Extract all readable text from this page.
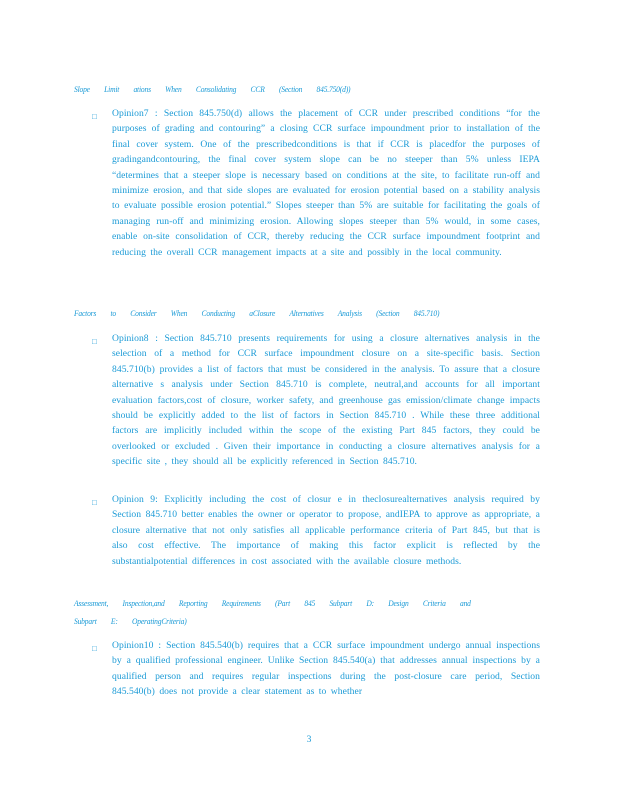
Slope Limit ations When Consolidating CCR (Section 845.750(d))
□ Opinion7 : Section 845.750(d) allows the placement of CCR under prescribed conditions “for the purposes of grading and contouring” a closing CCR surface impoundment prior to installation of the final cover system. One of the prescribedconditions is that if CCR is placedfor the purposes of gradingandcontouring, the final cover system slope can be no steeper than 5% unless IEPA “determines that a steeper slope is necessary based on conditions at the site, to facilitate run-off and minimize erosion, and that side slopes are evaluated for erosion potential based on a stability analysis to evaluate possible erosion potential.” Slopes steeper than 5% are suitable for facilitating the goals of managing run-off and minimizing erosion. Allowing slopes steeper than 5% would, in some cases, enable on-site consolidation of CCR, thereby reducing the CCR surface impoundment footprint and reducing the overall CCR management impacts at a site and possibly in the local community.

Factors to Consider When Conducting aClosure Alternatives Analysis (Section 845.710)
□ Opinion8 : Section 845.710 presents requirements for using a closure alternatives analysis in the selection of a method for CCR surface impoundment closure on a site-specific basis. Section 845.710(b) provides a list of factors that must be considered in the analysis. To assure that a closure alternative s analysis under Section 845.710 is complete, neutral,and accounts for all important evaluation factors,cost of closure, worker safety, and greenhouse gas emission/climate change impacts should be explicitly added to the list of factors in Section 845.710 . While these three additional factors are implicitly included within the scope of the existing Part 845 factors, they could be overlooked or excluded . Given their importance in conducting a closure alternatives analysis for a specific site , they should all be explicitly referenced in Section 845.710.

□ Opinion 9: Explicitly including the cost of closur e in theclosurealternatives analysis required by Section 845.710 better enables the owner or operator to propose, andIEPA to approve as appropriate, a closure alternative that not only satisfies all applicable performance criteria of Part 845, but that is also cost effective. The importance of making this factor explicit is reflected by the substantialpotential differences in cost associated with the available closure methods.

Assessment, Inspection,and Reporting Requirements (Part 845 Subpart D: Design Criteria and
Subpart E: OperatingCriteria)
□ Opinion10 : Section 845.540(b) requires that a CCR surface impoundment undergo annual inspections by a qualified professional engineer. Unlike Section 845.540(a) that addresses annual inspections by a qualified person and requires regular inspections during the post-closure care period, Section 845.540(b) does not provide a clear statement as to whether

3
